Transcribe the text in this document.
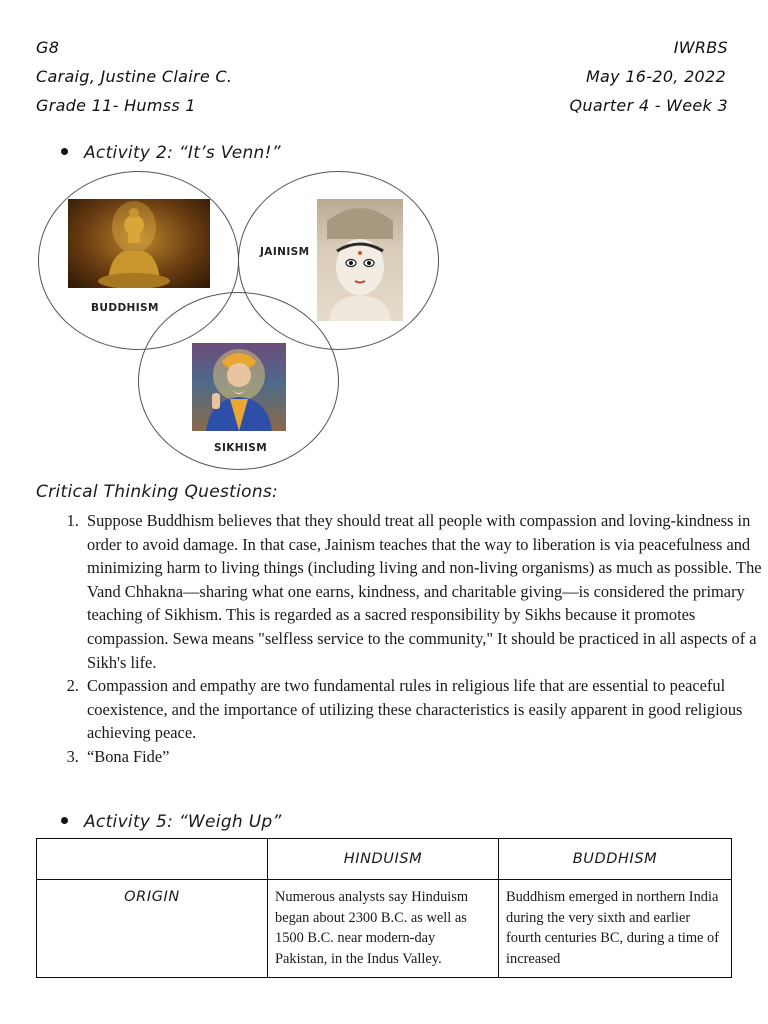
G8
Caraig, Justine Claire C.
Grade 11- Humss 1
IWRBS
May 16-20, 2022
Quarter 4 - Week 3
Activity 2: “It’s Venn!”
BUDDHISM
JAINISM
SIKHISM
Critical Thinking Questions:
1. Suppose Buddhism believes that they should treat all people with compassion and loving-kindness in order to avoid damage. In that case, Jainism teaches that the way to liberation is via peacefulness and minimizing harm to living things (including living and non-living organisms) as much as possible. The Vand Chhakna—sharing what one earns, kindness, and charitable giving—is considered the primary teaching of Sikhism. This is regarded as a sacred responsibility by Sikhs because it promotes compassion. Sewa means "selfless service to the community," It should be practiced in all aspects of a Sikh's life.
2. Compassion and empathy are two fundamental rules in religious life that are essential to peaceful coexistence, and the importance of utilizing these characteristics is easily apparent in good religious achieving peace.
3. “Bona Fide”
Activity 5: “Weigh Up”
	HINDUISM	BUDDHISM

ORIGIN	Numerous analysts say Hinduism began about 2300 B.C. as well as 1500 B.C. near modern-day Pakistan, in the Indus Valley.	Buddhism emerged in northern India during the very sixth and earlier fourth centuries BC, during a time of increased
